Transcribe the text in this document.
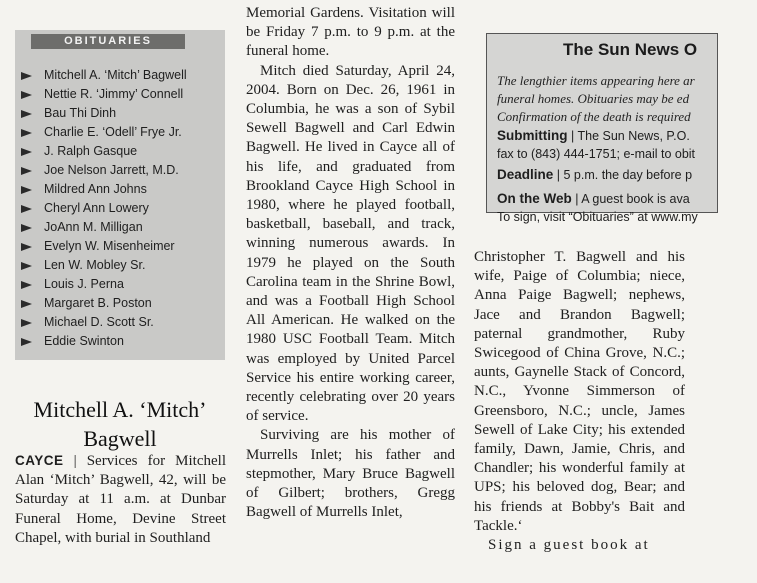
OBITUARIES
Mitchell A. ‘Mitch’ Bagwell
Nettie R. ‘Jimmy’ Connell
Bau Thi Dinh
Charlie E. ‘Odell’ Frye Jr.
J. Ralph Gasque
Joe Nelson Jarrett, M.D.
Mildred Ann Johns
Cheryl Ann Lowery
JoAnn M. Milligan
Evelyn W. Misenheimer
Len W. Mobley Sr.
Louis J. Perna
Margaret B. Poston
Michael D. Scott Sr.
Eddie Swinton
Mitchell A. ‘Mitch’ Bagwell

CAYCE | Services for Mitchell Alan ‘Mitch’ Bagwell, 42, will be Saturday at 11 a.m. at Dunbar Funeral Home, Devine Street Chapel, with burial in Southland

Memorial Gardens. Visitation will be Friday 7 p.m. to 9 p.m. at the funeral home.

Mitch died Saturday, April 24, 2004. Born on Dec. 26, 1961 in Columbia, he was a son of Sybil Sewell Bagwell and Carl Edwin Bagwell. He lived in Cayce all of his life, and graduated from Brookland Cayce High School in 1980, where he played football, basketball, baseball, and track, winning numerous awards. In 1979 he played on the South Carolina team in the Shrine Bowl, and was a Football High School All American. He walked on the 1980 USC Football Team. Mitch was employed by United Parcel Service his entire working career, recently celebrating over 20 years of service.

Surviving are his mother of Murrells Inlet; his father and stepmother, Mary Bruce Bagwell of Gilbert; brothers, Gregg Bagwell of Murrells Inlet,

The Sun News O

The lengthier items appearing here ar
funeral homes. Obituaries may be ed
Confirmation of the death is required

Submitting | The Sun News, P.O.
fax to (843) 444-1751; e-mail to obit

Deadline | 5 p.m. the day before p

On the Web | A guest book is ava
To sign, visit “Obituaries” at www.my

Christopher T. Bagwell and his wife, Paige of Columbia; niece, Anna Paige Bagwell; nephews, Jace and Brandon Bagwell; paternal grandmother, Ruby Swicegood of China Grove, N.C.; aunts, Gaynelle Stack of Concord, N.C., Yvonne Simmerson of Greensboro, N.C.; uncle, James Sewell of Lake City; his extended family, Dawn, Jamie, Chris, and Chandler; his wonderful family at UPS; his beloved dog, Bear; and his friends at Bobby's Bait and Tackle.‘

Sign a guest book at
